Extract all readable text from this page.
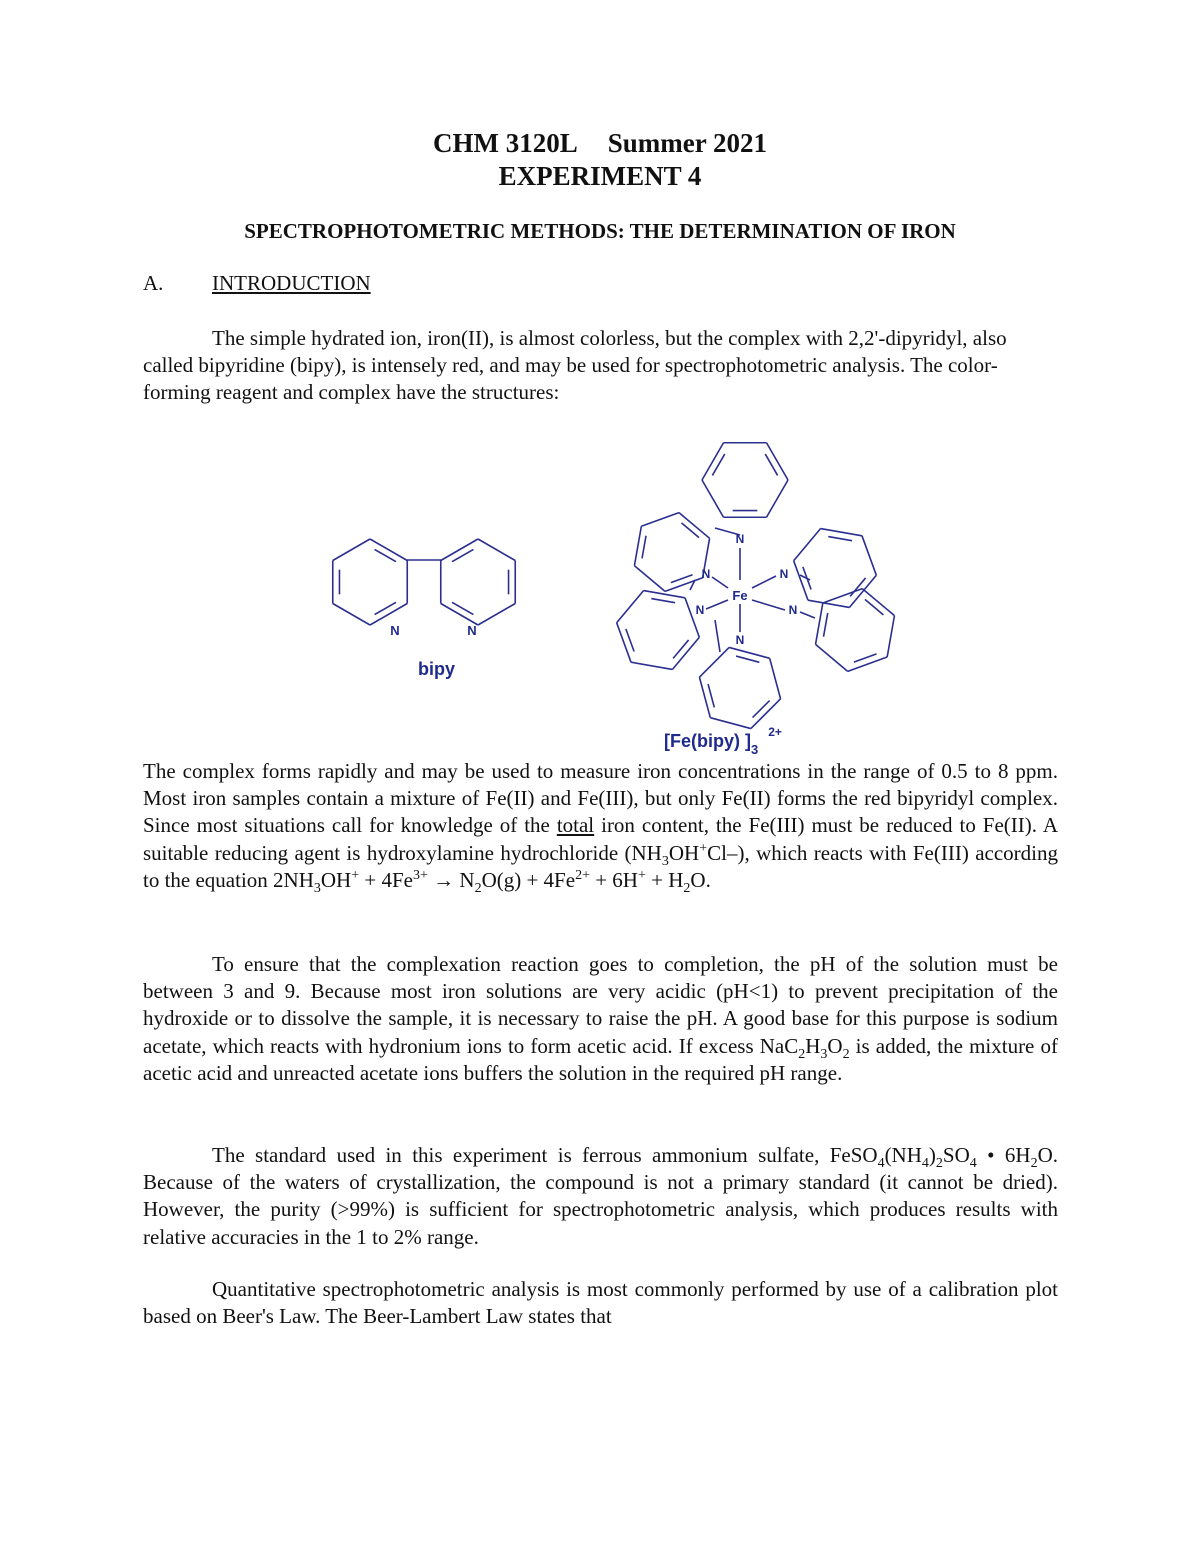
CHM 3120L Summer 2021
EXPERIMENT 4
SPECTROPHOTOMETRIC METHODS: THE DETERMINATION OF IRON
A. INTRODUCTION
The simple hydrated ion, iron(II), is almost colorless, but the complex with 2,2'-dipyridyl, also called bipyridine (bipy), is intensely red, and may be used for spectrophotometric analysis. The color-forming reagent and complex have the structures:
N	N
Fe
N
N
N
N
N
N
bipy
[Fe(bipy) ]$_3^{2+}$
The complex forms rapidly and may be used to measure iron concentrations in the range of 0.5 to 8 ppm. Most iron samples contain a mixture of Fe(II) and Fe(III), but only Fe(II) forms the red bipyridyl complex. Since most situations call for knowledge of the total iron content, the Fe(III) must be reduced to Fe(II). A suitable reducing agent is hydroxylamine hydrochloride $(NH_3OH^+Cl-)$, which reacts with Fe(III) according to the equation $2NH_3OH^+ + 4Fe^{3+} \to N_2O(g) + 4Fe^{2+} + 6H^+ + H_2O$.
To ensure that the complexation reaction goes to completion, the pH of the solution must be between 3 and 9. Because most iron solutions are very acidic (pH<1) to prevent precipitation of the hydroxide or to dissolve the sample, it is necessary to raise the pH. A good base for this purpose is sodium acetate, which reacts with hydronium ions to form acetic acid. If excess $NaC_2H_3O_2$ is added, the mixture of acetic acid and unreacted acetate ions buffers the solution in the required pH range.
The standard used in this experiment is ferrous ammonium sulfate, $FeSO_4(NH_4)_2SO_4$ • $6H_2O$. Because of the waters of crystallization, the compound is not a primary standard (it cannot be dried). However, the purity (>99%) is sufficient for spectrophotometric analysis, which produces results with relative accuracies in the 1 to 2% range.
Quantitative spectrophotometric analysis is most commonly performed by use of a calibration plot based on Beer's Law. The Beer-Lambert Law states that
